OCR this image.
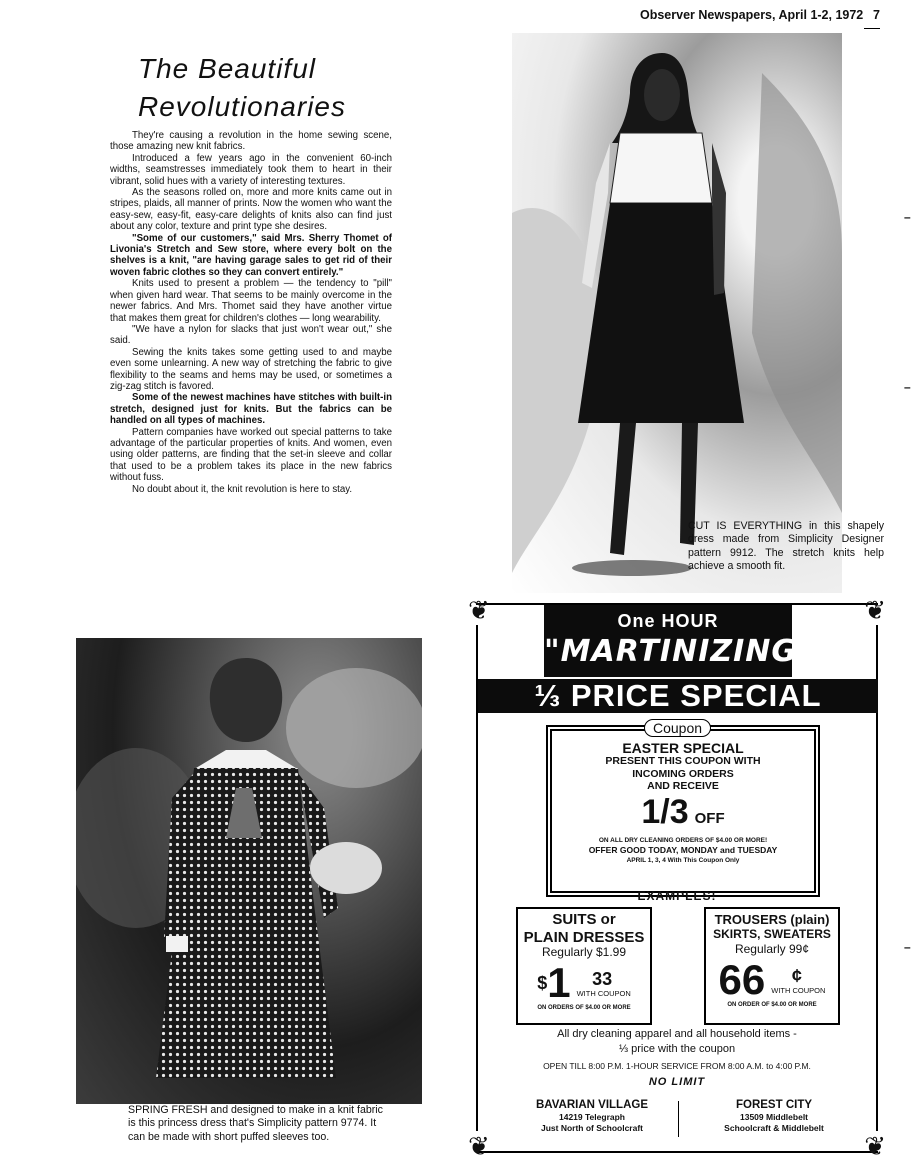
Observer Newspapers, April 1-2, 1972 7
The Beautiful
Revolutionaries

They're causing a revolution in the home sewing scene, those amazing new knit fabrics.

Introduced a few years ago in the convenient 60-inch widths, seamstresses immediately took them to heart in their vibrant, solid hues with a variety of interesting textures.

As the seasons rolled on, more and more knits came out in stripes, plaids, all manner of prints. Now the women who want the easy-sew, easy-fit, easy-care delights of knits also can find just about any color, texture and print type she desires.

"Some of our customers," said Mrs. Sherry Thomet of Livonia's Stretch and Sew store, where every bolt on the shelves is a knit, "are having garage sales to get rid of their woven fabric clothes so they can convert entirely."

Knits used to present a problem — the tendency to "pill" when given hard wear. That seems to be mainly overcome in the newer fabrics. And Mrs. Thomet said they have another virtue that makes them great for children's clothes — long wearability.

"We have a nylon for slacks that just won't wear out," she said.

Sewing the knits takes some getting used to and maybe even some unlearning. A new way of stretching the fabric to give flexibility to the seams and hems may be used, or sometimes a zig-zag stitch is favored.

Some of the newest machines have stitches with built-in stretch, designed just for knits. But the fabrics can be handled on all types of machines.

Pattern companies have worked out special patterns to take advantage of the particular properties of knits. And women, even using older patterns, are finding that the set-in sleeve and collar that used to be a problem takes its place in the new fabrics without fuss.

No doubt about it, the knit revolution is here to stay.

CUT IS EVERYTHING in this shapely dress made from Simplicity Designer pattern 9912. The stretch knits help achieve a smooth fit.
SPRING FRESH and designed to make in a knit fabric is this princess dress that's Simplicity pattern 9774. It can be made with short puffed sleeves too.
❦	❦
❦	❦
One HOUR
"MARTINIZING"
⅓ PRICE SPECIAL
Coupon
EASTER SPECIAL
PRESENT THIS COUPON WITH
INCOMING ORDERS
AND RECEIVE
1/3 OFF
ON ALL DRY CLEANING ORDERS OF $4.00 OR MORE!
OFFER GOOD TODAY, MONDAY and TUESDAY
APRIL 1, 3, 4 With This Coupon Only
EXAMPLES!
SUITS or
PLAIN DRESSES
Regularly $1.99
$ 1	33
WITH COUPON
ON ORDERS OF $4.00 OR MORE
TROUSERS (plain)
SKIRTS, SWEATERS
Regularly 99¢
66	¢
WITH COUPON
ON ORDER OF $4.00 OR MORE
All dry cleaning apparel and all household items -
⅓ price with the coupon
OPEN TILL 8:00 P.M. 1-HOUR SERVICE FROM 8:00 A.M. to 4:00 P.M.
NO LIMIT
BAVARIAN VILLAGE
14219 Telegraph
Just North of Schoolcraft
FOREST CITY
13509 Middlebelt
Schoolcraft & Middlebelt
–
–
–
